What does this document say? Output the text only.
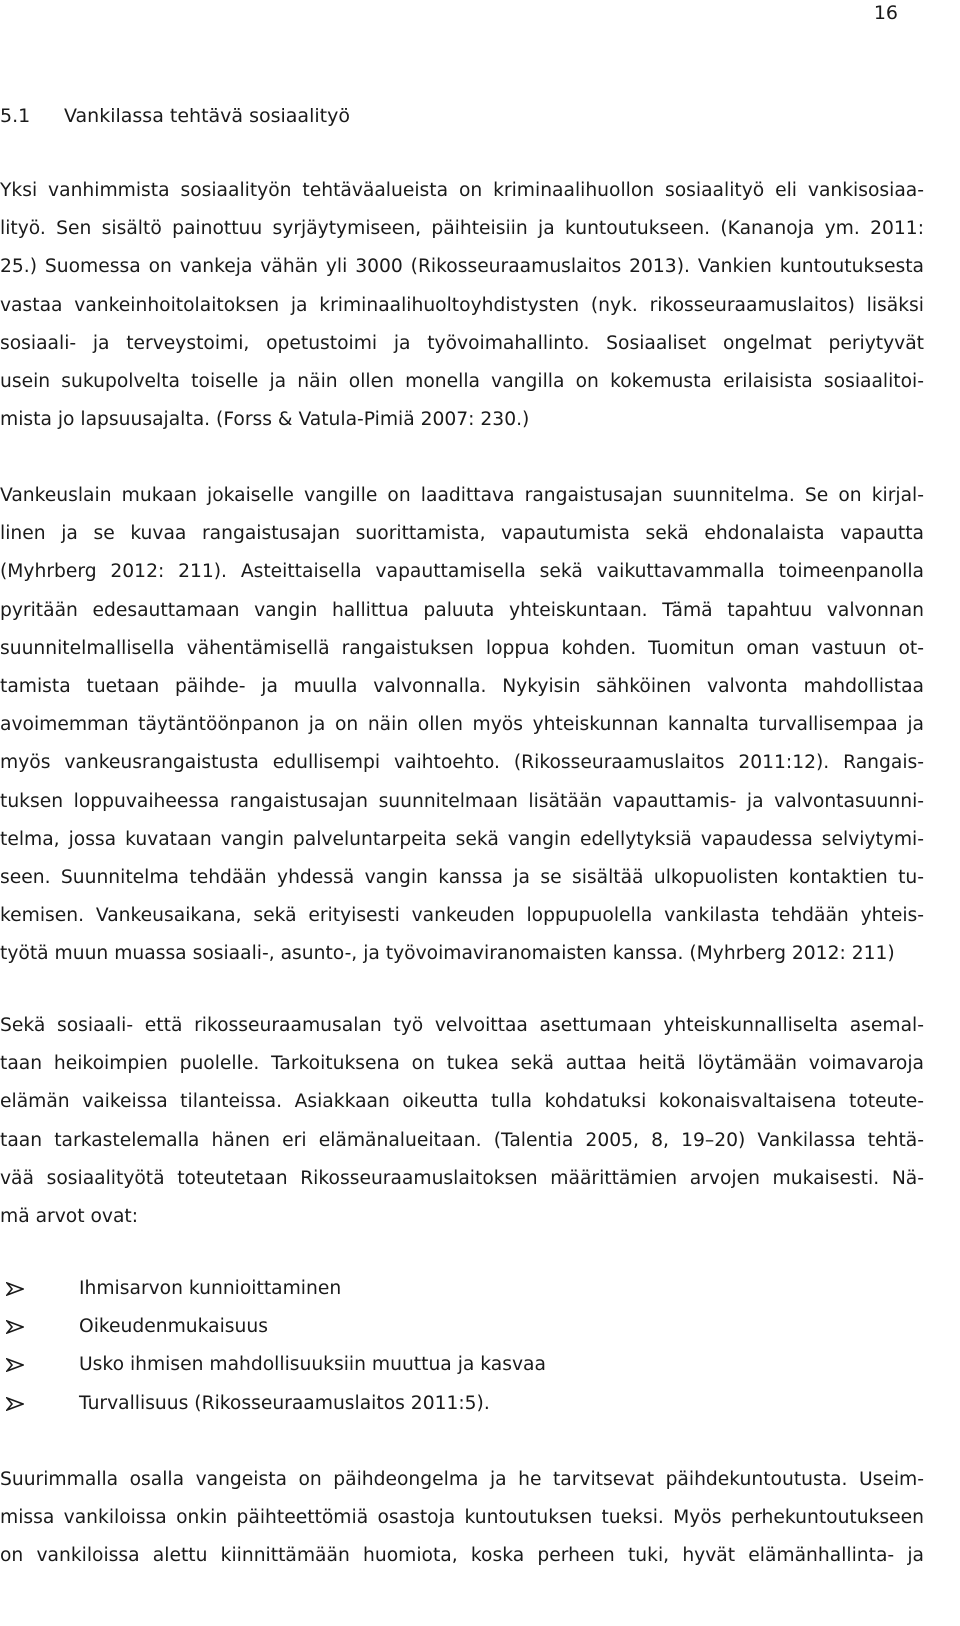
16
5.1 Vankilassa tehtävä sosiaalityö
Yksi vanhimmista sosiaalityön tehtäväalueista on kriminaalihuollon sosiaalityö eli vankisosiaa-
lityö. Sen sisältö painottuu syrjäytymiseen, päihteisiin ja kuntoutukseen. (Kananoja ym. 2011:
25.) Suomessa on vankeja vähän yli 3000 (Rikosseuraamuslaitos 2013). Vankien kuntoutuksesta
vastaa vankeinhoitolaitoksen ja kriminaalihuoltoyhdistysten (nyk. rikosseuraamuslaitos) lisäksi
sosiaali- ja terveystoimi, opetustoimi ja työvoimahallinto. Sosiaaliset ongelmat periytyvät
usein sukupolvelta toiselle ja näin ollen monella vangilla on kokemusta erilaisista sosiaalitoi-
mista jo lapsuusajalta. (Forss & Vatula-Pimiä 2007: 230.)
Vankeuslain mukaan jokaiselle vangille on laadittava rangaistusajan suunnitelma. Se on kirjal-
linen ja se kuvaa rangaistusajan suorittamista, vapautumista sekä ehdonalaista vapautta
(Myhrberg 2012: 211). Asteittaisella vapauttamisella sekä vaikuttavammalla toimeenpanolla
pyritään edesauttamaan vangin hallittua paluuta yhteiskuntaan. Tämä tapahtuu valvonnan
suunnitelmallisella vähentämisellä rangaistuksen loppua kohden. Tuomitun oman vastuun ot-
tamista tuetaan päihde- ja muulla valvonnalla. Nykyisin sähköinen valvonta mahdollistaa
avoimemman täytäntöönpanon ja on näin ollen myös yhteiskunnan kannalta turvallisempaa ja
myös vankeusrangaistusta edullisempi vaihtoehto. (Rikosseuraamuslaitos 2011:12). Rangais-
tuksen loppuvaiheessa rangaistusajan suunnitelmaan lisätään vapauttamis- ja valvontasuunni-
telma, jossa kuvataan vangin palveluntarpeita sekä vangin edellytyksiä vapaudessa selviytymi-
seen. Suunnitelma tehdään yhdessä vangin kanssa ja se sisältää ulkopuolisten kontaktien tu-
kemisen. Vankeusaikana, sekä erityisesti vankeuden loppupuolella vankilasta tehdään yhteis-
työtä muun muassa sosiaali-, asunto-, ja työvoimaviranomaisten kanssa. (Myhrberg 2012: 211)
Sekä sosiaali- että rikosseuraamusalan työ velvoittaa asettumaan yhteiskunnalliselta asemal-
taan heikoimpien puolelle. Tarkoituksena on tukea sekä auttaa heitä löytämään voimavaroja
elämän vaikeissa tilanteissa. Asiakkaan oikeutta tulla kohdatuksi kokonaisvaltaisena toteute-
taan tarkastelemalla hänen eri elämänalueitaan. (Talentia 2005, 8, 19–20) Vankilassa tehtä-
vää sosiaalityötä toteutetaan Rikosseuraamuslaitoksen määrittämien arvojen mukaisesti. Nä-
mä arvot ovat:
Ihmisarvon kunnioittaminen
Oikeudenmukaisuus
Usko ihmisen mahdollisuuksiin muuttua ja kasvaa
Turvallisuus (Rikosseuraamuslaitos 2011:5).
Suurimmalla osalla vangeista on päihdeongelma ja he tarvitsevat päihdekuntoutusta. Useim-
missa vankiloissa onkin päihteettömiä osastoja kuntoutuksen tueksi. Myös perhekuntoutukseen
on vankiloissa alettu kiinnittämään huomiota, koska perheen tuki, hyvät elämänhallinta- ja
